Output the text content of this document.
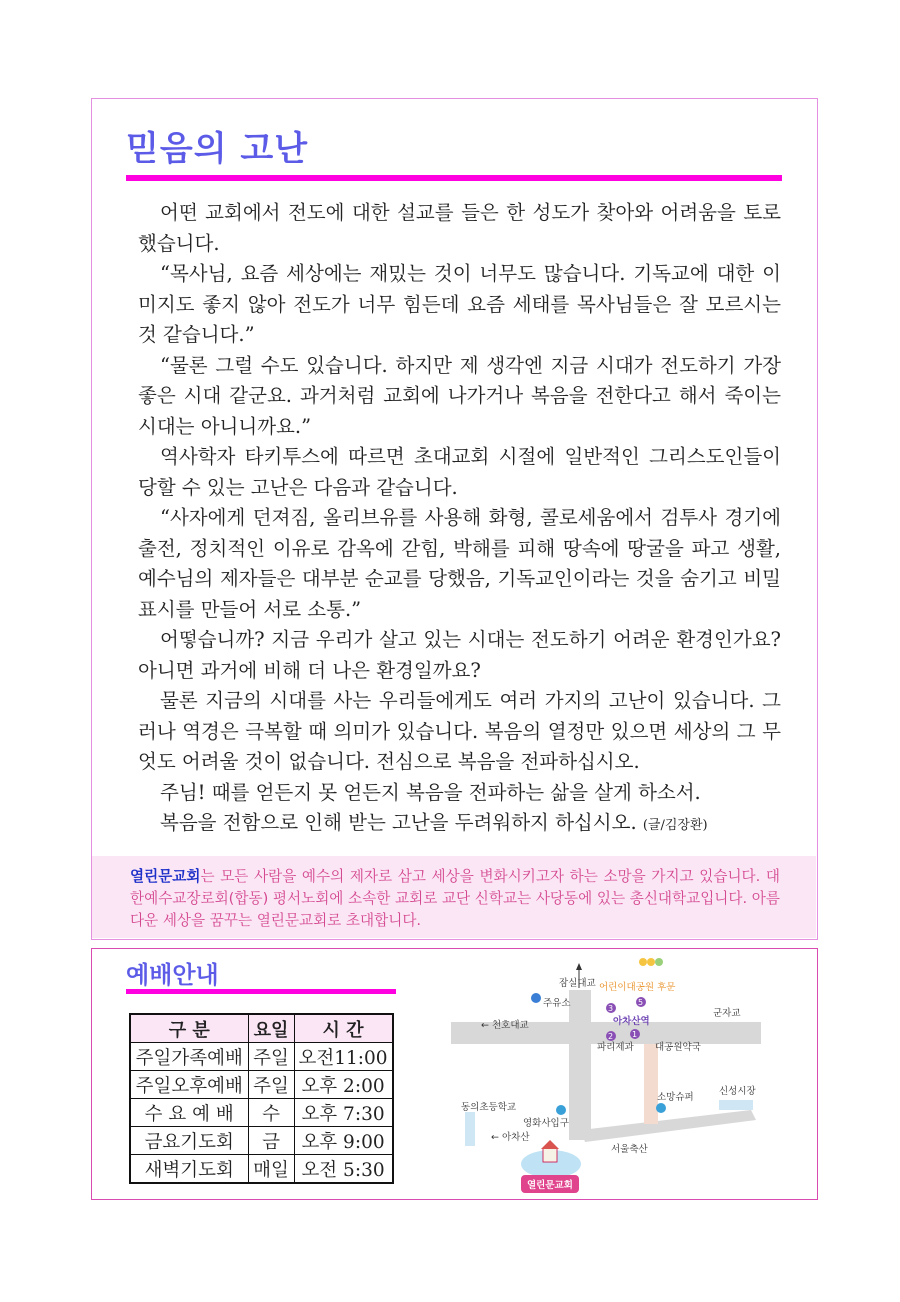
믿음의 고난

어떤 교회에서 전도에 대한 설교를 들은 한 성도가 찾아와 어려움을 토로했습니다.

“목사님, 요즘 세상에는 재밌는 것이 너무도 많습니다. 기독교에 대한 이미지도 좋지 않아 전도가 너무 힘든데 요즘 세태를 목사님들은 잘 모르시는 것 같습니다.”

“물론 그럴 수도 있습니다. 하지만 제 생각엔 지금 시대가 전도하기 가장 좋은 시대 같군요. 과거처럼 교회에 나가거나 복음을 전한다고 해서 죽이는 시대는 아니니까요.”

역사학자 타키투스에 따르면 초대교회 시절에 일반적인 그리스도인들이 당할 수 있는 고난은 다음과 같습니다.

“사자에게 던져짐, 올리브유를 사용해 화형, 콜로세움에서 검투사 경기에 출전, 정치적인 이유로 감옥에 갇힘, 박해를 피해 땅속에 땅굴을 파고 생활, 예수님의 제자들은 대부분 순교를 당했음, 기독교인이라는 것을 숨기고 비밀 표시를 만들어 서로 소통.”

어떻습니까? 지금 우리가 살고 있는 시대는 전도하기 어려운 환경인가요? 아니면 과거에 비해 더 나은 환경일까요?

물론 지금의 시대를 사는 우리들에게도 여러 가지의 고난이 있습니다. 그러나 역경은 극복할 때 의미가 있습니다. 복음의 열정만 있으면 세상의 그 무엇도 어려울 것이 없습니다. 전심으로 복음을 전파하십시오.

주님! 때를 얻든지 못 얻든지 복음을 전파하는 삶을 살게 하소서.

복음을 전함으로 인해 받는 고난을 두려워하지 하십시오. (글/김장환)

열린문교회는 모든 사람을 예수의 제자로 삼고 세상을 변화시키고자 하는 소망을 가지고 있습니다. 대한예수교장로회(합동) 평서노회에 소속한 교회로 교단 신학교는 사당동에 있는 총신대학교입니다. 아름다운 세상을 꿈꾸는 열린문교회로 초대합니다.

예배안내
구 분	요일	시 간
주일가족예배	주일	오전11:00
주일오후예배	주일	오후 2:00
수 요 예 배	수	오후 7:30
금요기도회	금	오후 9:00
새벽기도회	매일	오전 5:30
3
5
2 1
잠실대교 어린이대공원 후문
주유소
← 천호대교
군자교
아차산역
파리제과 대공원약국
동의초등학교
영화사입구
소망슈퍼
신성시장
← 아차산
서울축산
열린문교회
